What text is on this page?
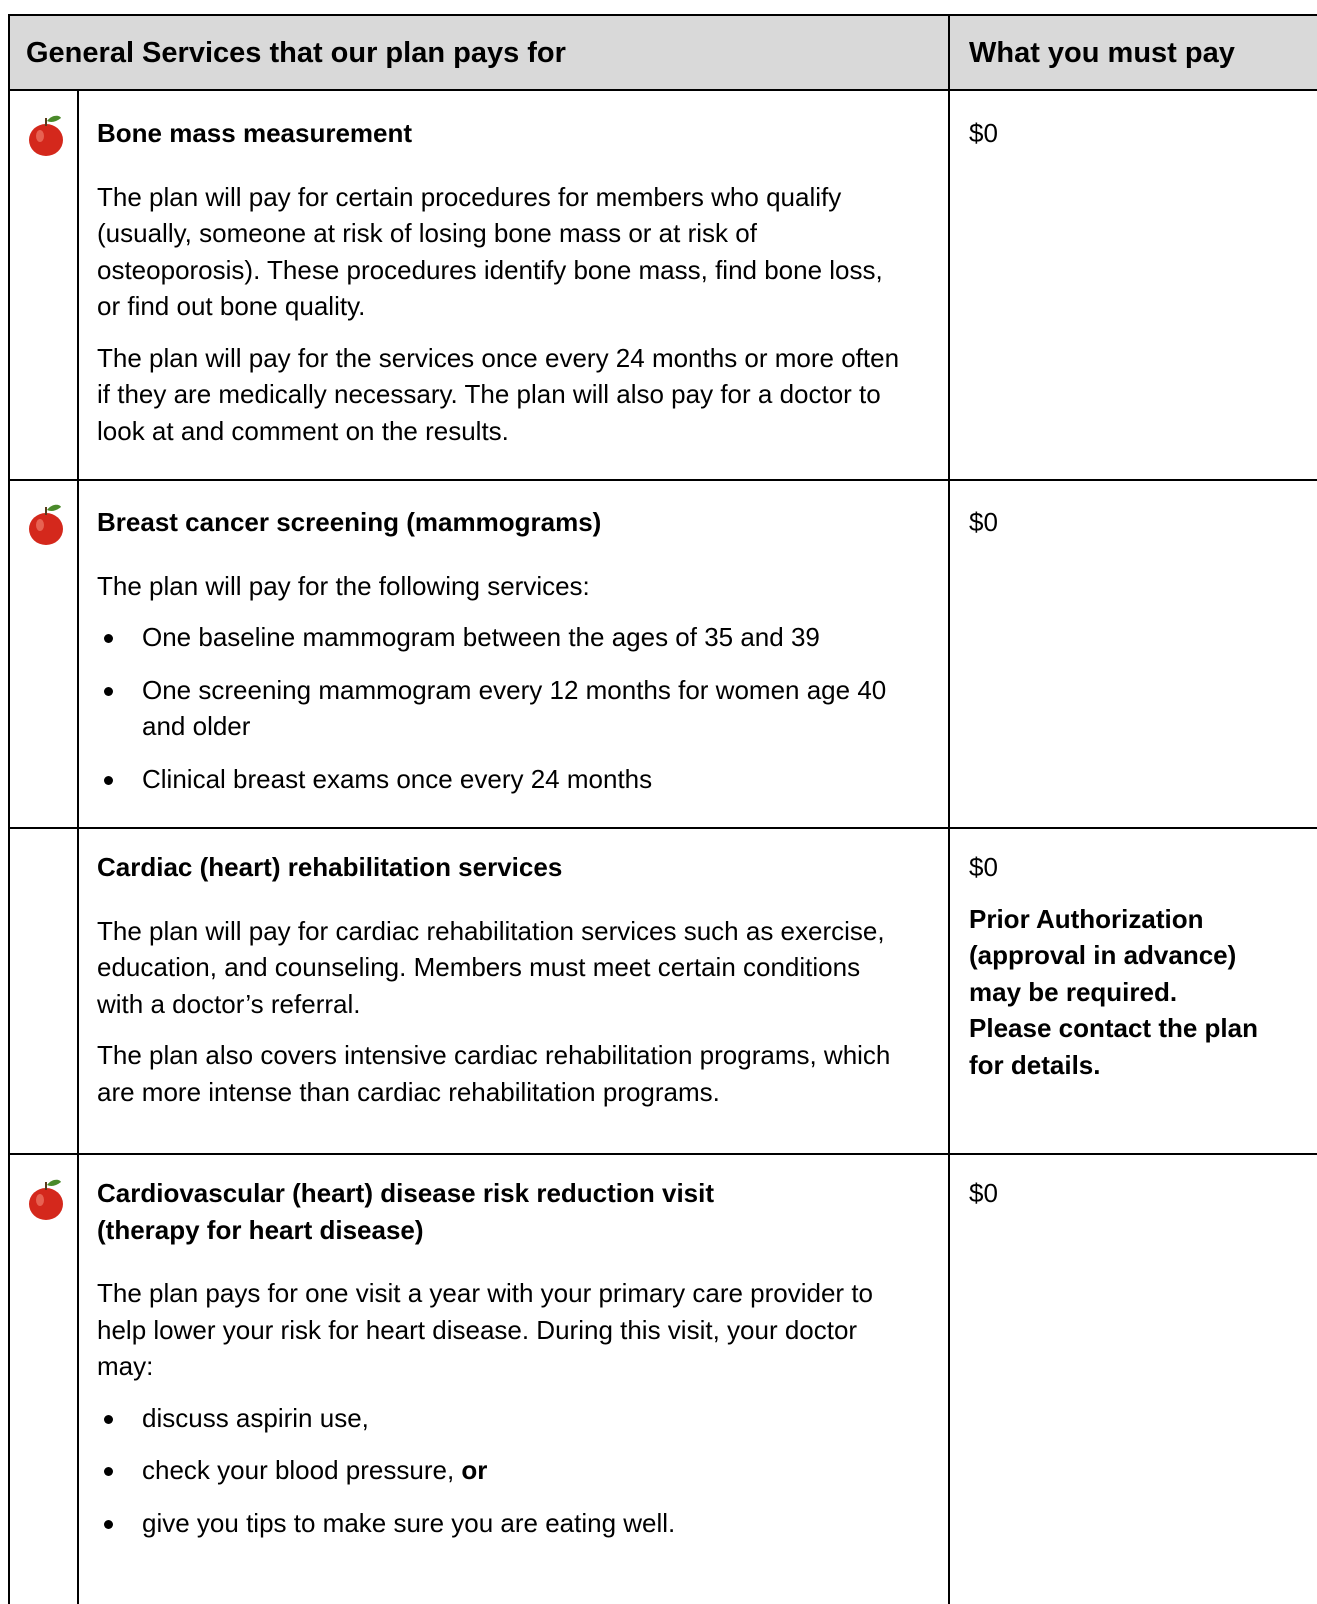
General Services that our plan pays for	What you must pay
Bone mass measurement

The plan will pay for certain procedures for members who qualify (usually, someone at risk of losing bone mass or at risk of osteoporosis). These procedures identify bone mass, find bone loss, or find out bone quality.

The plan will pay for the services once every 24 months or more often if they are medically necessary. The plan will also pay for a doctor to look at and comment on the results.

$0
Breast cancer screening (mammograms)

The plan will pay for the following services:

One baseline mammogram between the ages of 35 and 39
One screening mammogram every 12 months for women age 40 and older
Clinical breast exams once every 24 months
$0
Cardiac (heart) rehabilitation services

The plan will pay for cardiac rehabilitation services such as exercise, education, and counseling. Members must meet certain conditions with a doctor’s referral.

The plan also covers intensive cardiac rehabilitation programs, which are more intense than cardiac rehabilitation programs.

$0
Prior Authorization (approval in advance) may be required. Please contact the plan for details.
Cardiovascular (heart) disease risk reduction visit
(therapy for heart disease)

The plan pays for one visit a year with your primary care provider to help lower your risk for heart disease. During this visit, your doctor may:

discuss aspirin use,
check your blood pressure, or
give you tips to make sure you are eating well.
$0
